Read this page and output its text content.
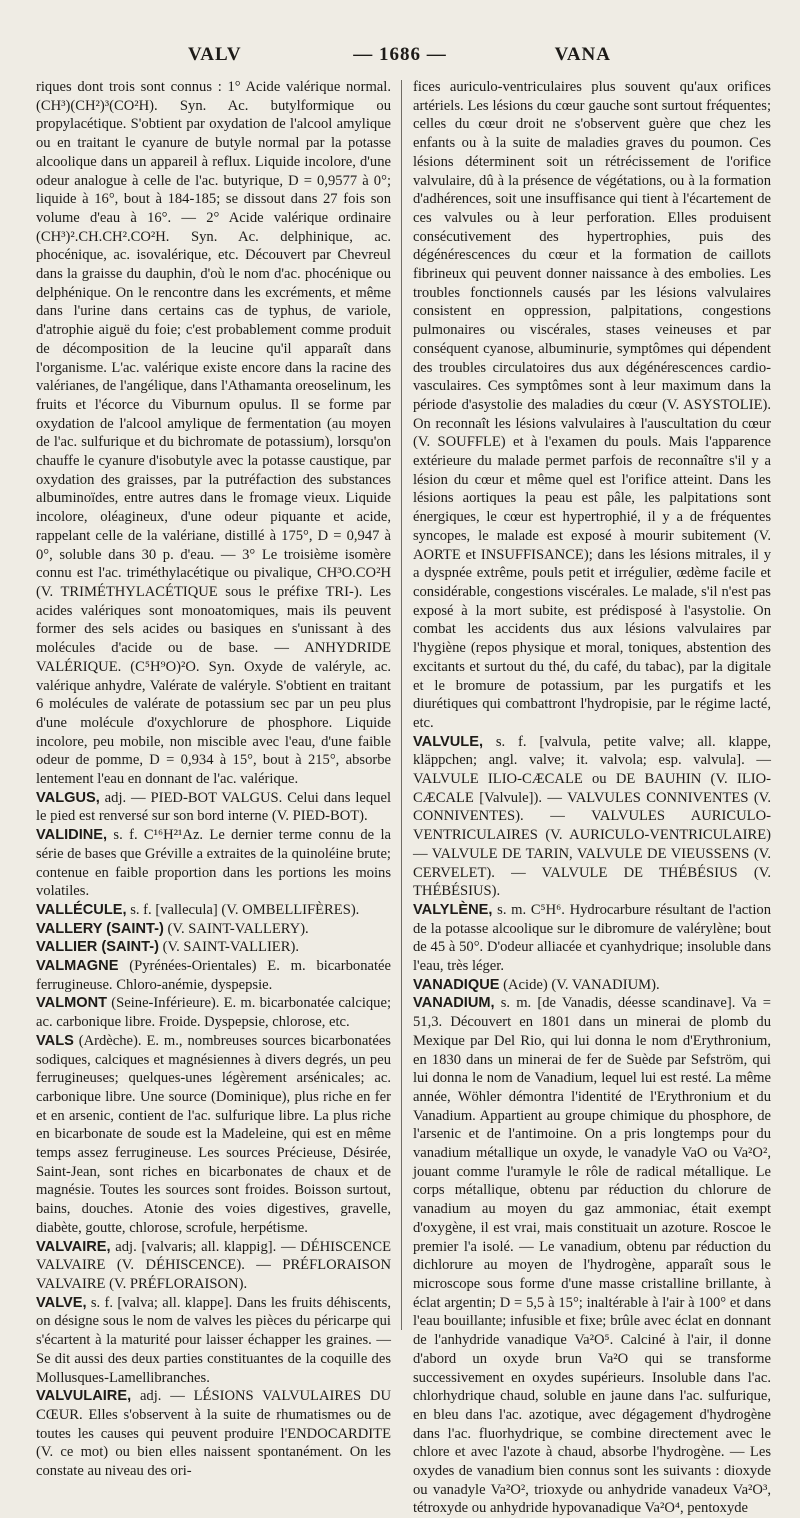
VALV	— 1686 —	VANA

riques dont trois sont connus : 1° Acide valérique normal. (CH³)(CH²)³(CO²H). Syn. Ac. butylformique ou propylacétique. S'obtient par oxydation de l'alcool amylique ou en traitant le cyanure de butyle normal par la potasse alcoolique dans un appareil à reflux. Liquide incolore, d'une odeur analogue à celle de l'ac. butyrique, D = 0,9577 à 0°; liquide à 16°, bout à 184-185; se dissout dans 27 fois son volume d'eau à 16°. — 2° Acide valérique ordinaire (CH³)².CH.CH².CO²H. Syn. Ac. delphinique, ac. phocénique, ac. isovalérique, etc. Découvert par Chevreul dans la graisse du dauphin, d'où le nom d'ac. phocénique ou delphénique. On le rencontre dans les excréments, et même dans l'urine dans certains cas de typhus, de variole, d'atrophie aiguë du foie; c'est probablement comme produit de décomposition de la leucine qu'il apparaît dans l'organisme. L'ac. valérique existe encore dans la racine des valérianes, de l'angélique, dans l'Athamanta oreoselinum, les fruits et l'écorce du Viburnum opulus. Il se forme par oxydation de l'alcool amylique de fermentation (au moyen de l'ac. sulfurique et du bichromate de potassium), lorsqu'on chauffe le cyanure d'isobutyle avec la potasse caustique, par oxydation des graisses, par la putréfaction des substances albuminoïdes, entre autres dans le fromage vieux. Liquide incolore, oléagineux, d'une odeur piquante et acide, rappelant celle de la valériane, distillé à 175°, D = 0,947 à 0°, soluble dans 30 p. d'eau. — 3° Le troisième isomère connu est l'ac. triméthylacétique ou pivalique, CH³O.CO²H (V. TRIMÉTHYLACÉTIQUE sous le préfixe TRI-). Les acides valériques sont monoatomiques, mais ils peuvent former des sels acides ou basiques en s'unissant à des molécules d'acide ou de base. — ANHYDRIDE VALÉRIQUE. (C⁵H⁹O)²O. Syn. Oxyde de valéryle, ac. valérique anhydre, Valérate de valéryle. S'obtient en traitant 6 molécules de valérate de potassium sec par un peu plus d'une molécule d'oxychlorure de phosphore. Liquide incolore, peu mobile, non miscible avec l'eau, d'une faible odeur de pomme, D = 0,934 à 15°, bout à 215°, absorbe lentement l'eau en donnant de l'ac. valérique.

VALGUS, adj. — PIED-BOT VALGUS. Celui dans lequel le pied est renversé sur son bord interne (V. PIED-BOT).

VALIDINE, s. f. C¹⁶H²¹Az. Le dernier terme connu de la série de bases que Gréville a extraites de la quinoléine brute; contenue en faible proportion dans les portions les moins volatiles.

VALLÉCULE, s. f. [vallecula] (V. OMBELLIFÈRES).

VALLERY (SAINT-) (V. SAINT-VALLERY).

VALLIER (SAINT-) (V. SAINT-VALLIER).

VALMAGNE (Pyrénées-Orientales) E. m. bicarbonatée ferrugineuse. Chloro-anémie, dyspepsie.

VALMONT (Seine-Inférieure). E. m. bicarbonatée calcique; ac. carbonique libre. Froide. Dyspepsie, chlorose, etc.

VALS (Ardèche). E. m., nombreuses sources bicarbonatées sodiques, calciques et magnésiennes à divers degrés, un peu ferrugineuses; quelques-unes légèrement arsénicales; ac. carbonique libre. Une source (Dominique), plus riche en fer et en arsenic, contient de l'ac. sulfurique libre. La plus riche en bicarbonate de soude est la Madeleine, qui est en même temps assez ferrugineuse. Les sources Précieuse, Désirée, Saint-Jean, sont riches en bicarbonates de chaux et de magnésie. Toutes les sources sont froides. Boisson surtout, bains, douches. Atonie des voies digestives, gravelle, diabète, goutte, chlorose, scrofule, herpétisme.

VALVAIRE, adj. [valvaris; all. klappig]. — DÉHISCENCE VALVAIRE (V. DÉHISCENCE). — PRÉFLORAISON VALVAIRE (V. PRÉFLORAISON).

VALVE, s. f. [valva; all. klappe]. Dans les fruits déhiscents, on désigne sous le nom de valves les pièces du péricarpe qui s'écartent à la maturité pour laisser échapper les graines. — Se dit aussi des deux parties constituantes de la coquille des Mollusques-Lamellibranches.

VALVULAIRE, adj. — LÉSIONS VALVULAIRES DU CŒUR. Elles s'observent à la suite de rhumatismes ou de toutes les causes qui peuvent produire l'ENDOCARDITE (V. ce mot) ou bien elles naissent spontanément. On les constate au niveau des ori-

fices auriculo-ventriculaires plus souvent qu'aux orifices artériels. Les lésions du cœur gauche sont surtout fréquentes; celles du cœur droit ne s'observent guère que chez les enfants ou à la suite de maladies graves du poumon. Ces lésions déterminent soit un rétrécissement de l'orifice valvulaire, dû à la présence de végétations, ou à la formation d'adhérences, soit une insuffisance qui tient à l'écartement de ces valvules ou à leur perforation. Elles produisent consécutivement des hypertrophies, puis des dégénérescences du cœur et la formation de caillots fibrineux qui peuvent donner naissance à des embolies. Les troubles fonctionnels causés par les lésions valvulaires consistent en oppression, palpitations, congestions pulmonaires ou viscérales, stases veineuses et par conséquent cyanose, albuminurie, symptômes qui dépendent des troubles circulatoires dus aux dégénérescences cardio-vasculaires. Ces symptômes sont à leur maximum dans la période d'asystolie des maladies du cœur (V. ASYSTOLIE). On reconnaît les lésions valvulaires à l'auscultation du cœur (V. SOUFFLE) et à l'examen du pouls. Mais l'apparence extérieure du malade permet parfois de reconnaître s'il y a lésion du cœur et même quel est l'orifice atteint. Dans les lésions aortiques la peau est pâle, les palpitations sont énergiques, le cœur est hypertrophié, il y a de fréquentes syncopes, le malade est exposé à mourir subitement (V. AORTE et INSUFFISANCE); dans les lésions mitrales, il y a dyspnée extrême, pouls petit et irrégulier, œdème facile et considérable, congestions viscérales. Le malade, s'il n'est pas exposé à la mort subite, est prédisposé à l'asystolie. On combat les accidents dus aux lésions valvulaires par l'hygiène (repos physique et moral, toniques, abstention des excitants et surtout du thé, du café, du tabac), par la digitale et le bromure de potassium, par les purgatifs et les diurétiques qui combattront l'hydropisie, par le régime lacté, etc.

VALVULE, s. f. [valvula, petite valve; all. klappe, kläppchen; angl. valve; it. valvola; esp. valvula]. — VALVULE ILIO-CÆCALE ou DE BAUHIN (V. ILIO-CÆCALE [Valvule]). — VALVULES CONNIVENTES (V. CONNIVENTES). — VALVULES AURICULO-VENTRICULAIRES (V. AURICULO-VENTRICULAIRE) — VALVULE DE TARIN, VALVULE DE VIEUSSENS (V. CERVELET). — VALVULE DE THÉBÉSIUS (V. THÉBÉSIUS).

VALYLÈNE, s. m. C⁵H⁶. Hydrocarbure résultant de l'action de la potasse alcoolique sur le dibromure de valérylène; bout de 45 à 50°. D'odeur alliacée et cyanhydrique; insoluble dans l'eau, très léger.

VANADIQUE (Acide) (V. VANADIUM).

VANADIUM, s. m. [de Vanadis, déesse scandinave]. Va = 51,3. Découvert en 1801 dans un minerai de plomb du Mexique par Del Rio, qui lui donna le nom d'Erythronium, en 1830 dans un minerai de fer de Suède par Sefström, qui lui donna le nom de Vanadium, lequel lui est resté. La même année, Wöhler démontra l'identité de l'Erythronium et du Vanadium. Appartient au groupe chimique du phosphore, de l'arsenic et de l'antimoine. On a pris longtemps pour du vanadium métallique un oxyde, le vanadyle VaO ou Va²O², jouant comme l'uramyle le rôle de radical métallique. Le corps métallique, obtenu par réduction du chlorure de vanadium au moyen du gaz ammoniac, était exempt d'oxygène, il est vrai, mais constituait un azoture. Roscoe le premier l'a isolé. — Le vanadium, obtenu par réduction du dichlorure au moyen de l'hydrogène, apparaît sous le microscope sous forme d'une masse cristalline brillante, à éclat argentin; D = 5,5 à 15°; inaltérable à l'air à 100° et dans l'eau bouillante; infusible et fixe; brûle avec éclat en donnant de l'anhydride vanadique Va²O⁵. Calciné à l'air, il donne d'abord un oxyde brun Va²O qui se transforme successivement en oxydes supérieurs. Insoluble dans l'ac. chlorhydrique chaud, soluble en jaune dans l'ac. sulfurique, en bleu dans l'ac. azotique, avec dégagement d'hydrogène dans l'ac. fluorhydrique, se combine directement avec le chlore et avec l'azote à chaud, absorbe l'hydrogène. — Les oxydes de vanadium bien connus sont les suivants : dioxyde ou vanadyle Va²O², trioxyde ou anhydride vanadeux Va²O³, tétroxyde ou anhydride hypovanadique Va²O⁴, pentoxyde
